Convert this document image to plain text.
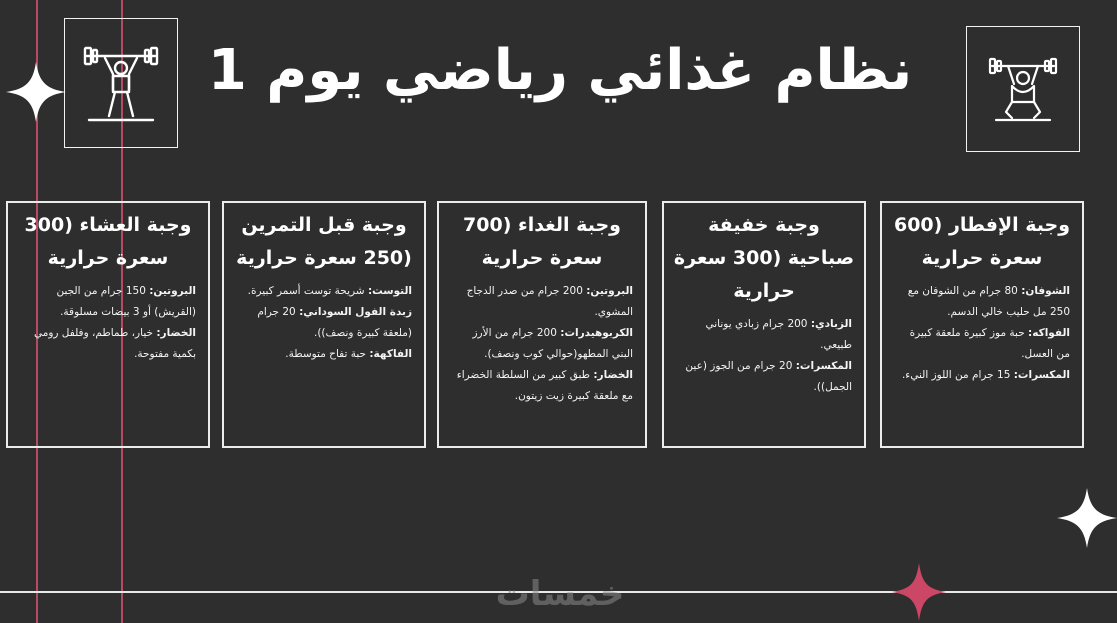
نظام غذائي رياضي يوم 1
وجبة الإفطار (600 سعرة حرارية
الشوفان: 80 جرام من الشوفان مع 250 مل حليب خالي الدسم.
الفواكه: حبة موز كبيرة ملعقة كبيرة من العسل.
المكسرات: 15 جرام من اللوز النيء.
وجبة خفيفة صباحية (300 سعرة حرارية
الزبادي: 200 جرام زبادي يوناني طبيعي.
المكسرات: 20 جرام من الجوز (عين الجمل)).
وجبة الغداء (700 سعرة حرارية
البروتين: 200 جرام من صدر الدجاج المشوي.
الكربوهيدرات: 200 جرام من الأرز البني المطهو(حوالي كوب ونصف).
الخضار: طبق كبير من السلطة الخضراء مع ملعقة كبيرة زيت زيتون.
وجبة قبل التمرين (250 سعرة حرارية
التوست: شريحة توست أسمر كبيرة.
زبدة الفول السوداني: 20 جرام (ملعقة كبيرة ونصف)).
الفاكهة: حبة تفاح متوسطة.
وجبة العشاء (300 سعرة حرارية
البروتين: 150 جرام من الجبن (القريش) أو 3 بيضات مسلوقة.
الخضار: خيار، طماطم، وفلفل رومي بكمية مفتوحة.
خمسات
